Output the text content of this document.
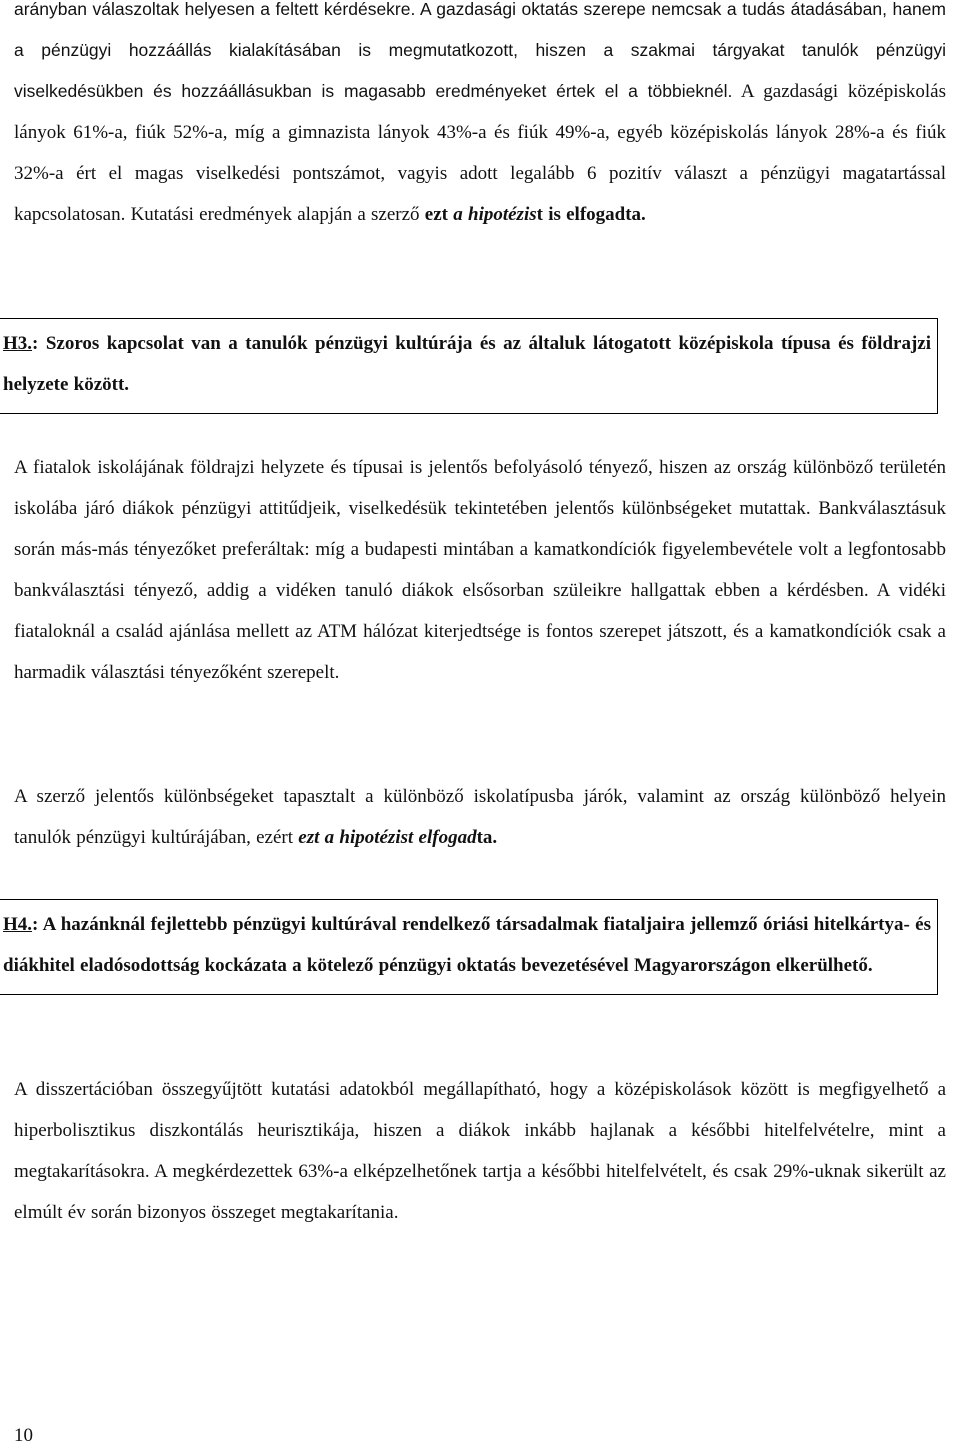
arányban válaszoltak helyesen a feltett kérdésekre. A gazdasági oktatás szerepe nemcsak a tudás átadásában, hanem a pénzügyi hozzáállás kialakításában is megmutatkozott, hiszen a szakmai tárgyakat tanulók pénzügyi viselkedésükben és hozzáállásukban is magasabb eredményeket értek el a többieknél. A gazdasági középiskolás lányok 61%-a, fiúk 52%-a, míg a gimnazista lányok 43%-a és fiúk 49%-a, egyéb középiskolás lányok 28%-a és fiúk 32%-a ért el magas viselkedési pontszámot, vagyis adott legalább 6 pozitív választ a pénzügyi magatartással kapcsolatosan. Kutatási eredmények alapján a szerző ezt a hipotézist is elfogadta.

H3.: Szoros kapcsolat van a tanulók pénzügyi kultúrája és az általuk látogatott középiskola típusa és földrajzi helyzete között.

A fiatalok iskolájának földrajzi helyzete és típusai is jelentős befolyásoló tényező, hiszen az ország különböző területén iskolába járó diákok pénzügyi attitűdjeik, viselkedésük tekintetében jelentős különbségeket mutattak. Bankválasztásuk során más-más tényezőket preferáltak: míg a budapesti mintában a kamatkondíciók figyelembevétele volt a legfontosabb bankválasztási tényező, addig a vidéken tanuló diákok elsősorban szüleikre hallgattak ebben a kérdésben. A vidéki fiataloknál a család ajánlása mellett az ATM hálózat kiterjedtsége is fontos szerepet játszott, és a kamatkondíciók csak a harmadik választási tényezőként szerepelt.

A szerző jelentős különbségeket tapasztalt a különböző iskolatípusba járók, valamint az ország különböző helyein tanulók pénzügyi kultúrájában, ezért ezt a hipotézist elfogadta.

H4.: A hazánknál fejlettebb pénzügyi kultúrával rendelkező társadalmak fiataljaira jellemző óriási hitelkártya- és diákhitel eladósodottság kockázata a kötelező pénzügyi oktatás bevezetésével Magyarországon elkerülhető.

A disszertációban összegyűjtött kutatási adatokból megállapítható, hogy a középiskolások között is megfigyelhető a hiperbolisztikus diszkontálás heurisztikája, hiszen a diákok inkább hajlanak a későbbi hitelfelvételre, mint a megtakarításokra. A megkérdezettek 63%-a elképzelhetőnek tartja a későbbi hitelfelvételt, és csak 29%-uknak sikerült az elmúlt év során bizonyos összeget megtakarítania.

10
